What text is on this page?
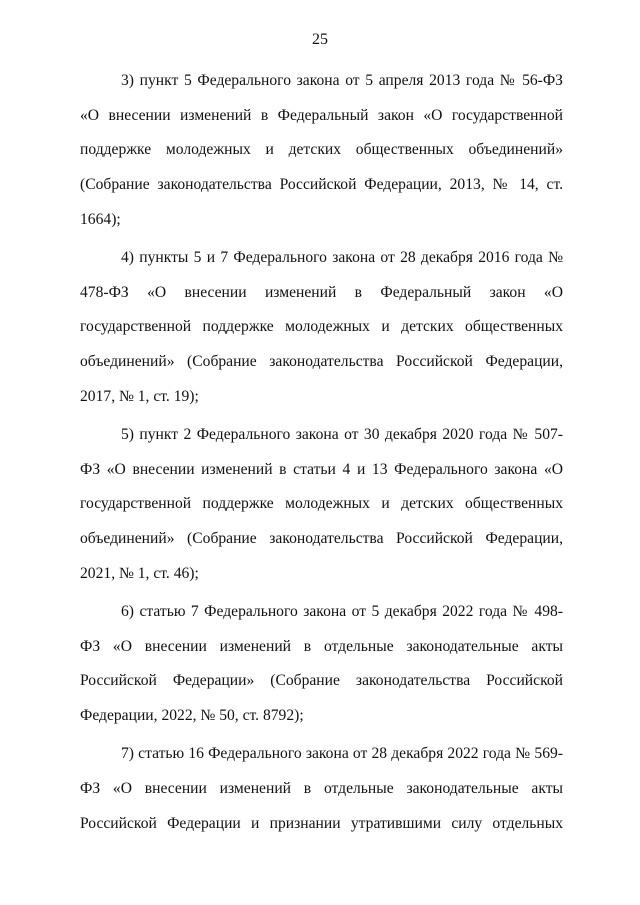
25

3) пункт 5 Федерального закона от 5 апреля 2013 года № 56-ФЗ «О внесении изменений в Федеральный закон «О государственной поддержке молодежных и детских общественных объединений» (Собрание законодательства Российской Федерации, 2013, № 14, ст. 1664);

4) пункты 5 и 7 Федерального закона от 28 декабря 2016 года № 478-ФЗ «О внесении изменений в Федеральный закон «О государственной поддержке молодежных и детских общественных объединений» (Собрание законодательства Российской Федерации, 2017, № 1, ст. 19);

5) пункт 2 Федерального закона от 30 декабря 2020 года № 507-ФЗ «О внесении изменений в статьи 4 и 13 Федерального закона «О государственной поддержке молодежных и детских общественных объединений» (Собрание законодательства Российской Федерации, 2021, № 1, ст. 46);

6) статью 7 Федерального закона от 5 декабря 2022 года № 498-ФЗ «О внесении изменений в отдельные законодательные акты Российской Федерации» (Собрание законодательства Российской Федерации, 2022, № 50, ст. 8792);

7) статью 16 Федерального закона от 28 декабря 2022 года № 569-ФЗ «О внесении изменений в отдельные законодательные акты Российской Федерации и признании утратившими силу отдельных
